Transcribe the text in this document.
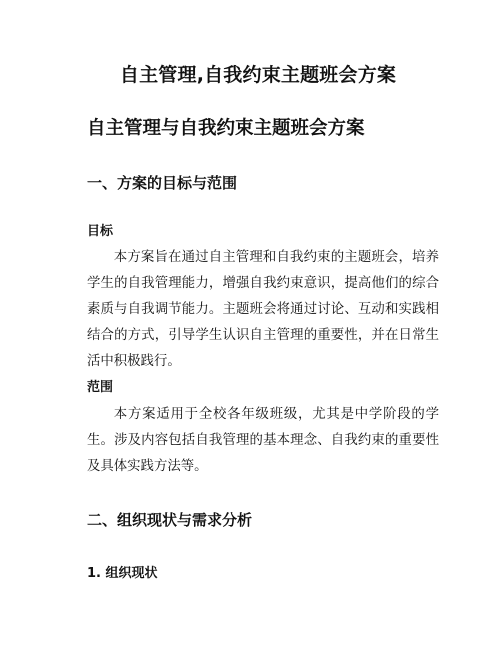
自主管理,自我约束主题班会方案
自主管理与自我约束主题班会方案
一、方案的目标与范围
目标

本方案旨在通过自主管理和自我约束的主题班会，培养学生的自我管理能力，增强自我约束意识，提高他们的综合素质与自我调节能力。主题班会将通过讨论、互动和实践相结合的方式，引导学生认识自主管理的重要性，并在日常生活中积极践行。

范围

本方案适用于全校各年级班级，尤其是中学阶段的学生。涉及内容包括自我管理的基本理念、自我约束的重要性及具体实践方法等。

二、组织现状与需求分析
1. 组织现状
